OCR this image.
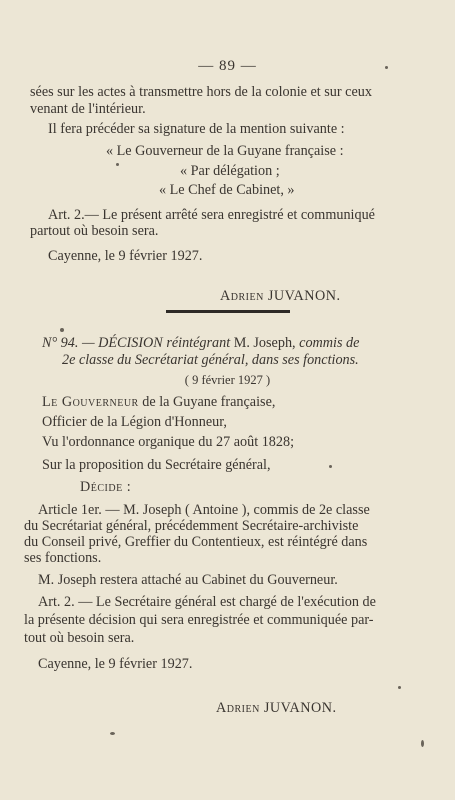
— 89 —
sées sur les actes à transmettre hors de la colonie et sur ceux
venant de l'intérieur.
Il fera précéder sa signature de la mention suivante :
« Le Gouverneur de la Guyane française :
« Par délégation ;
« Le Chef de Cabinet, »
Art. 2.— Le présent arrêté sera enregistré et communiqué
partout où besoin sera.
Cayenne, le 9 février 1927.
Adrien JUVANON.
N° 94. — DÉCISION réintégrant M. Joseph, commis de
2e classe du Secrétariat général, dans ses fonctions.
( 9 février 1927 )
Le Gouverneur de la Guyane française,
Officier de la Légion d'Honneur,
Vu l'ordonnance organique du 27 août 1828;
Sur la proposition du Secrétaire général,
Décide :
Article 1er. — M. Joseph ( Antoine ), commis de 2e classe
du Secrétariat général, précédemment Secrétaire-archiviste
du Conseil privé, Greffier du Contentieux, est réintégré dans
ses fonctions.
M. Joseph restera attaché au Cabinet du Gouverneur.
Art. 2. — Le Secrétaire général est chargé de l'exécution de
la présente décision qui sera enregistrée et communiquée par-
tout où besoin sera.
Cayenne, le 9 février 1927.
Adrien JUVANON.
